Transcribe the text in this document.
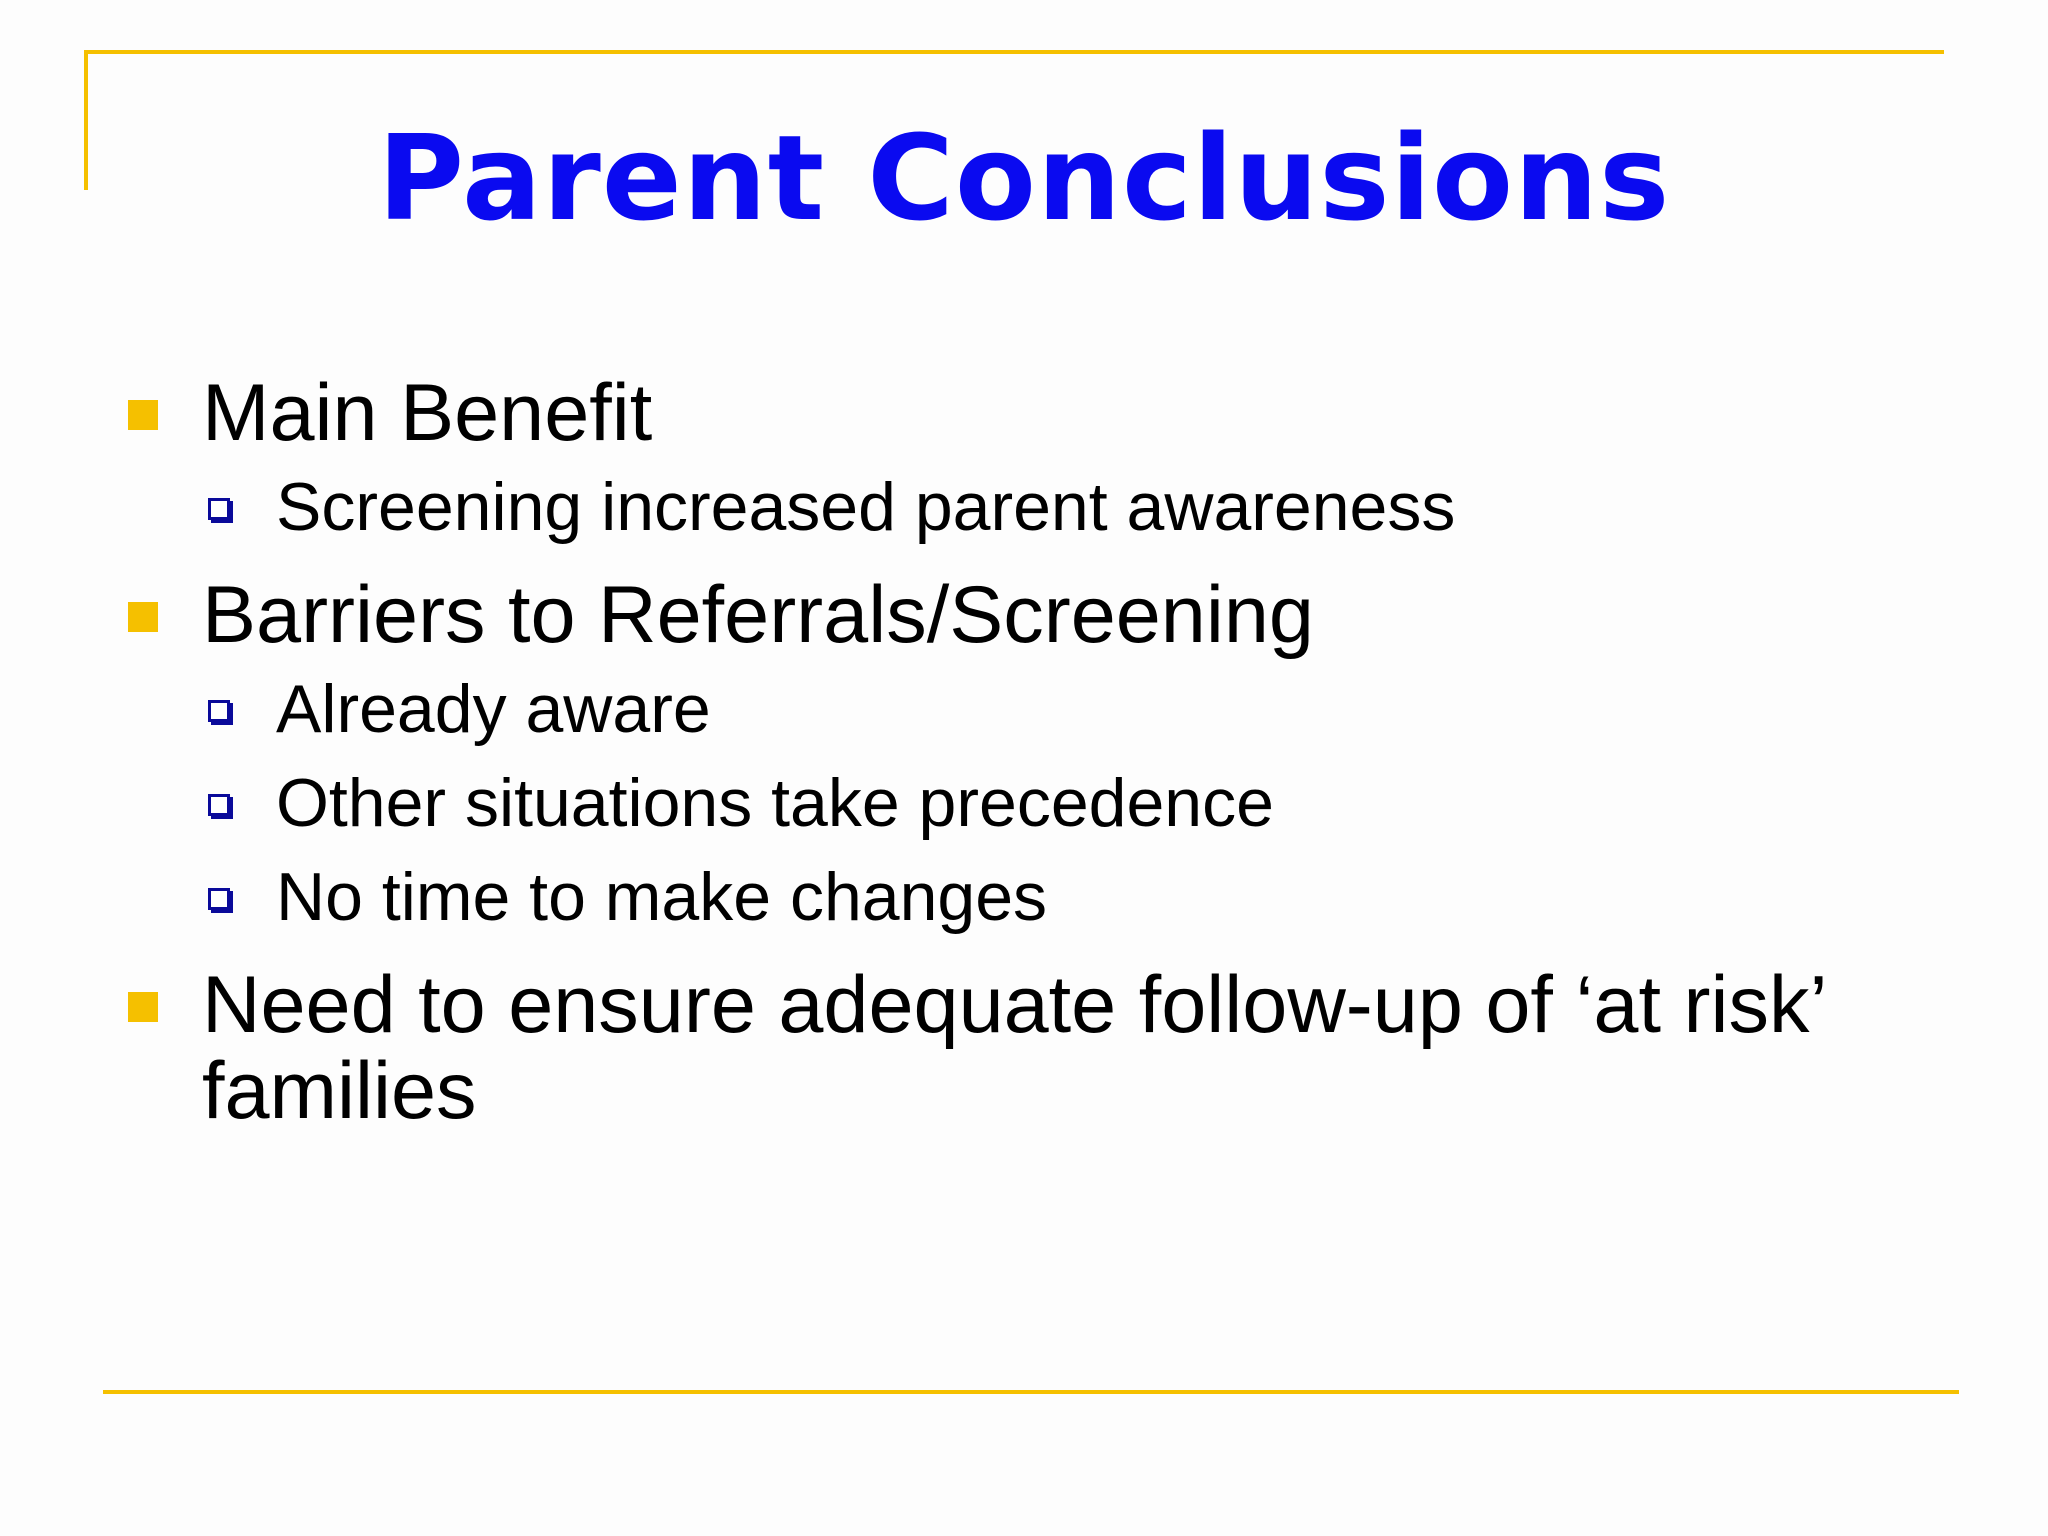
Parent Conclusions
Main Benefit
Screening increased parent awareness
Barriers to Referrals/Screening
Already aware
Other situations take precedence
No time to make changes
Need to ensure adequate follow-up of ‘at risk’ families
